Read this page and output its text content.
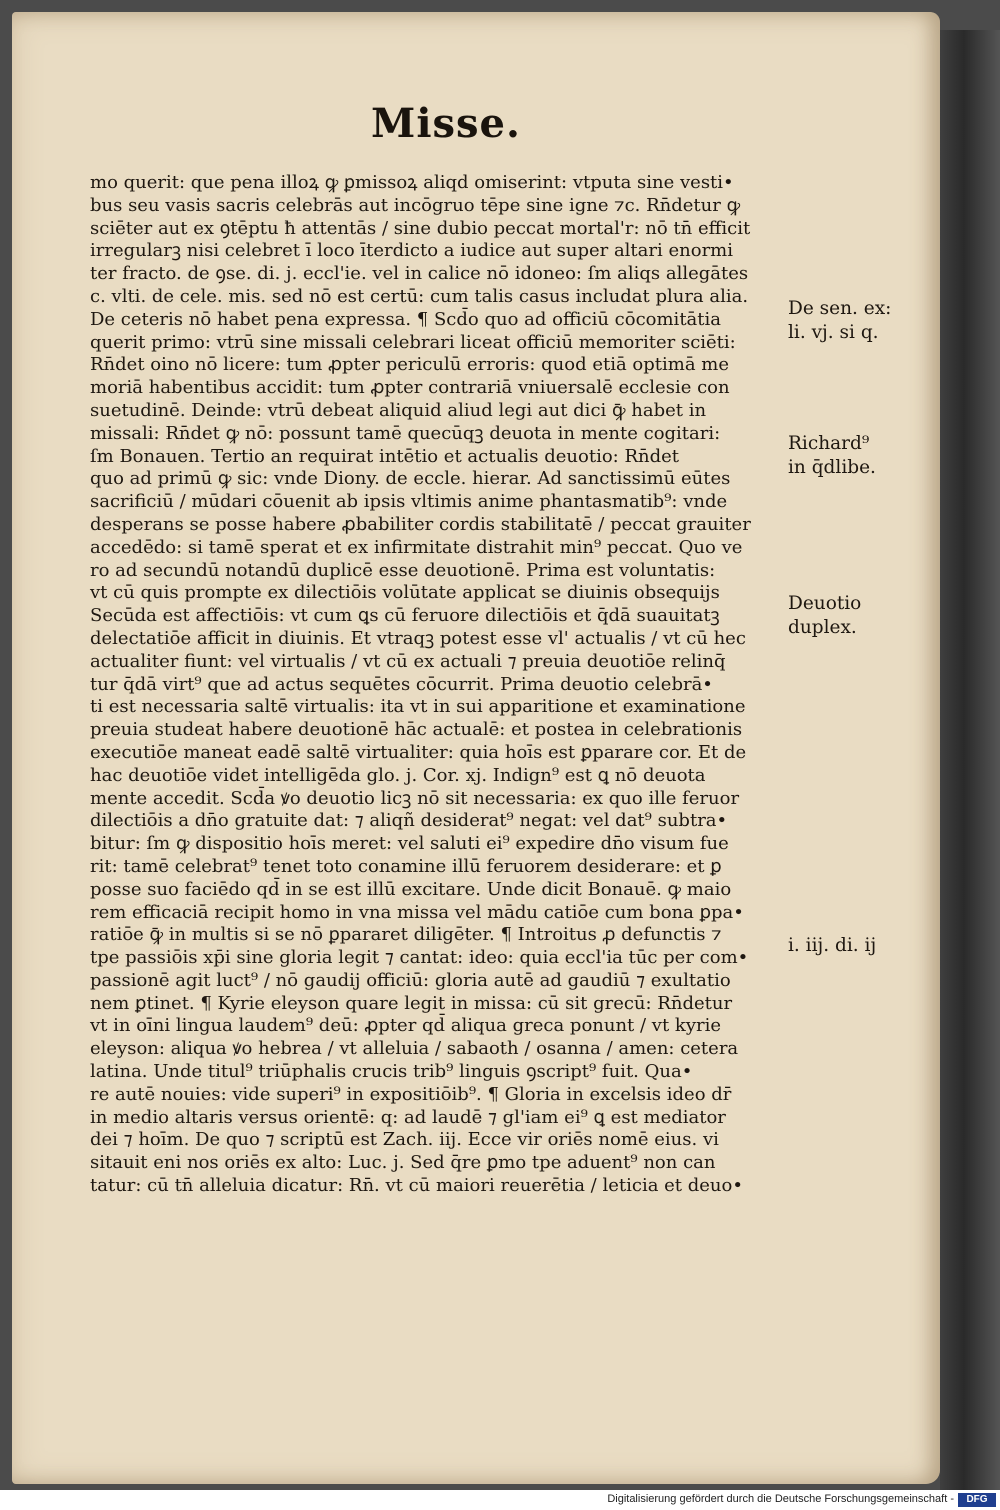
Misse.
mo querit: que pena illoꝝ ꝙ ꝑmissoꝝ aliqd omiserint: vtputa sine vesti•
bus seu vasis sacris celebrās aut incōgruo tēpe sine igne ⁊c. Rn̄detur ꝙ
sciēter aut ex ꝯtēptu ħ attentās / sine dubio peccat mortal'r: nō tn̄ efficit
irregularꝫ nisi celebret ī loco īterdicto a iudice aut super altari enormi
ter fracto. de ꝯse. di. j. eccl'ie. vel in calice nō idoneo: ſm aliqs allegātes
c. vlti. de cele. mis. sed nō est certū: cum talis casus includat plura alia.
De ceteris nō habet pena expressa. ¶ Scd̄o quo ad officiū cōcomitātia
querit primo: vtrū sine missali celebrari liceat officiū memoriter sciēti:
Rn̄det oino nō licere: tum ꝓpter periculū erroris: quod etiā optimā me
moriā habentibus accidit: tum ꝓpter contrariā vniuersalē ecclesie con
suetudinē. Deinde: vtrū debeat aliquid aliud legi aut dici ꝙ̄ habet in
missali: Rn̄det ꝙ nō: possunt tamē quecūqꝫ deuota in mente cogitari:
ſm Bonauen. Tertio an requirat intētio et actualis deuotio: Rn̄det
quo ad primū ꝙ sic: vnde Diony. de eccle. hierar. Ad sanctissimū eūtes
sacrificiū / mūdari cōuenit ab ipsis vltimis anime phantasmatib⁹: vnde
desperans se posse habere ꝓbabiliter cordis stabilitatē / peccat grauiter
accedēdo: si tamē sperat et ex infirmitate distrahit min⁹ peccat. Quo ve
ro ad secundū notandū duplicē esse deuotionē. Prima est voluntatis:
vt cū quis prompte ex dilectiōis volūtate applicat se diuinis obsequijs
Secūda est affectiōis: vt cum ꝗs cū feruore dilectiōis et q̄dā suauitatꝫ
delectatiōe afficit in diuinis. Et vtraqꝫ potest esse vl' actualis / vt cū hec
actualiter fiunt: vel virtualis / vt cū ex actuali ⁊ preuia deuotiōe relinq̄
tur q̄dā virt⁹ que ad actus sequētes cōcurrit. Prima deuotio celebrā•
ti est necessaria saltē virtualis: ita vt in sui apparitione et examinatione
preuia studeat habere deuotionē hāc actualē: et postea in celebrationis
executiōe maneat eadē saltē virtualiter: quia hoīs est ꝑparare cor. Et de
hac deuotiōe videt intelligēda glo. j. Cor. xj. Indign⁹ est ꝗ nō deuota
mente accedit. Scd̄a ꝟo deuotio licꝫ nō sit necessaria: ex quo ille feruor
dilectiōis a dn̄o gratuite dat: ⁊ aliqñ desiderat⁹ negat: vel dat⁹ subtra•
bitur: ſm ꝙ dispositio hoīs meret: vel saluti ei⁹ expedire dn̄o visum fue
rit: tamē celebrat⁹ tenet toto conamine illū feruorem desiderare: et ꝑ
posse suo faciēdo qd̄ in se est illū excitare. Unde dicit Bonauē. ꝙ maio
rem efficaciā recipit homo in vna missa vel mādu catiōe cum bona ꝑpa•
ratiōe ꝙ̄ in multis si se nō ꝑpararet diligēter. ¶ Introitus ꝓ defunctis ⁊
tpe passiōis xp̄i sine gloria legit ⁊ cantat: ideo: quia eccl'ia tūc per com•
passionē agit luct⁹ / nō gaudij officiū: gloria autē ad gaudiū ⁊ exultatio
nem ꝑtinet. ¶ Kyrie eleyson quare legit in missa: cū sit grecū: Rn̄detur
vt in oīni lingua laudem⁹ deū: ꝓpter qd̄ aliqua greca ponunt / vt kyrie
eleyson: aliqua ꝟo hebrea / vt alleluia / sabaoth / osanna / amen: cetera
latina. Unde titul⁹ triūphalis crucis trib⁹ linguis ꝯscript⁹ fuit. Qua•
re autē nouies: vide superi⁹ in expositiōib⁹. ¶ Gloria in excelsis ideo dr̄
in medio altaris versus orientē: q: ad laudē ⁊ gl'iam ei⁹ ꝗ est mediator
dei ⁊ hoīm. De quo ⁊ scriptū est Zach. iij. Ecce vir oriēs nomē eius. vi
sitauit eni nos oriēs ex alto: Luc. j. Sed q̄re ꝑmo tpe aduent⁹ non can
tatur: cū tn̄ alleluia dicatur: Rn̄. vt cū maiori reuerētia / leticia et deuo•
De sen. ex:
li. vj. si q.
Richard⁹
in q̄dlibe.
Deuotio
duplex.
i. iij. di. ij
Digitalisierung gefördert durch die Deutsche Forschungsgemeinschaft -	DFG
